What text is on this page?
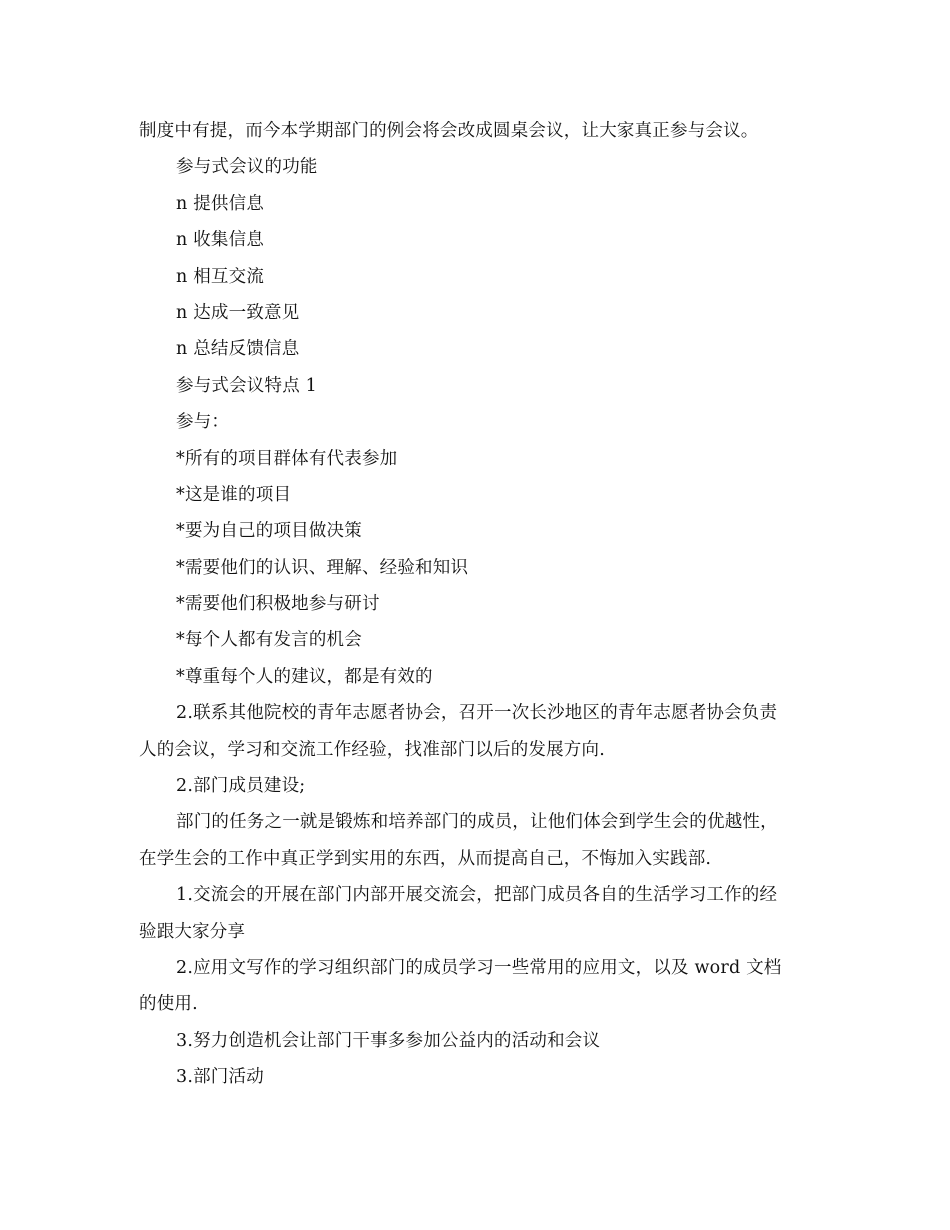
制度中有提，而今本学期部门的例会将会改成圆桌会议，让大家真正参与会议。
参与式会议的功能
n 提供信息
n 收集信息
n 相互交流
n 达成一致意见
n 总结反馈信息
参与式会议特点 1
参与：
*所有的项目群体有代表参加
*这是谁的项目
*要为自己的项目做决策
*需要他们的认识、理解、经验和知识
*需要他们积极地参与研讨
*每个人都有发言的机会
*尊重每个人的建议，都是有效的
2.联系其他院校的青年志愿者协会，召开一次长沙地区的青年志愿者协会负责
人的会议，学习和交流工作经验，找准部门以后的发展方向.
2.部门成员建设;
部门的任务之一就是锻炼和培养部门的成员，让他们体会到学生会的优越性，
在学生会的工作中真正学到实用的东西，从而提高自己，不悔加入实践部.
1.交流会的开展在部门内部开展交流会，把部门成员各自的生活学习工作的经
验跟大家分享
2.应用文写作的学习组织部门的成员学习一些常用的应用文，以及 word 文档
的使用.
3.努力创造机会让部门干事多参加公益内的活动和会议
3.部门活动
